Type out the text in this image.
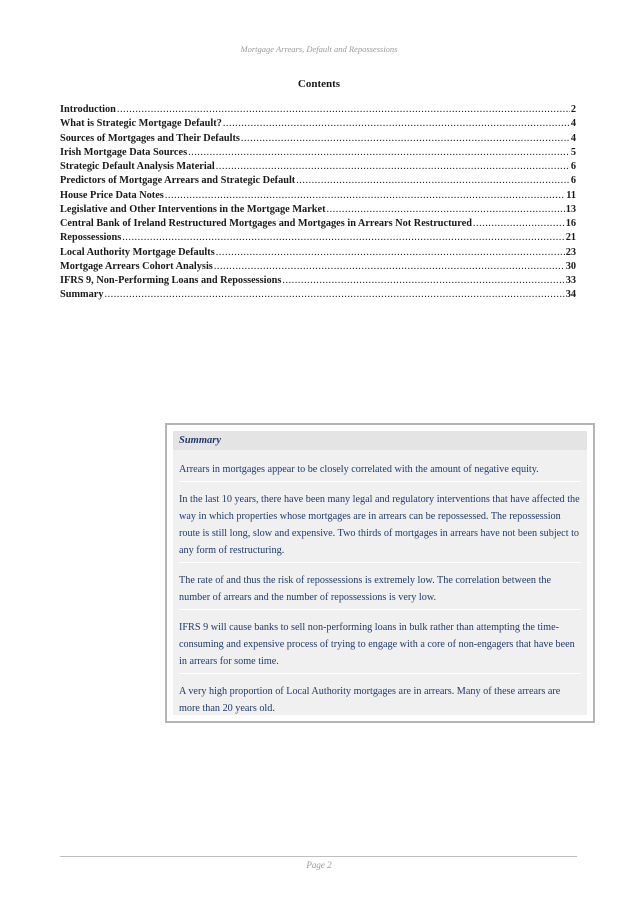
Mortgage Arrears, Default and Repossessions
Contents
Introduction .....	2
What is Strategic Mortgage Default? .....	4
Sources of Mortgages and Their Defaults .....	4
Irish Mortgage Data Sources .....	5
Strategic Default Analysis Material .....	6
Predictors of Mortgage Arrears and Strategic Default .....	6
House Price Data Notes .....	11
Legislative and Other Interventions in the Mortgage Market .....	13
Central Bank of Ireland Restructured Mortgages and Mortgages in Arrears Not Restructured .....	16
Repossessions .....	21
Local Authority Mortgage Defaults .....	23
Mortgage Arrears Cohort Analysis .....	30
IFRS 9, Non-Performing Loans and Repossessions .....	33
Summary .....	34
Summary

Arrears in mortgages appear to be closely correlated with the amount of negative equity.

In the last 10 years, there have been many legal and regulatory interventions that have affected the way in which properties whose mortgages are in arrears can be repossessed. The repossession route is still long, slow and expensive. Two thirds of mortgages in arrears have not been subject to any form of restructuring.

The rate of and thus the risk of repossessions is extremely low. The correlation between the number of arrears and the number of repossessions is very low.

IFRS 9 will cause banks to sell non-performing loans in bulk rather than attempting the time-consuming and expensive process of trying to engage with a core of non-engagers that have been in arrears for some time.

A very high proportion of Local Authority mortgages are in arrears. Many of these arrears are more than 20 years old.

Page 2
